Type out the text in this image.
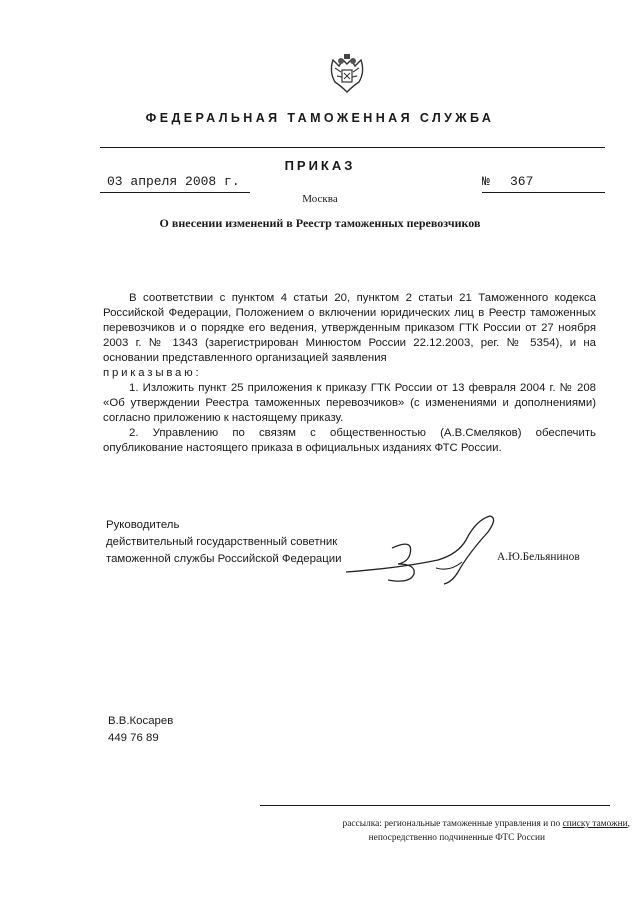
ФЕДЕРАЛЬНАЯ ТАМОЖЕННАЯ СЛУЖБА
ПРИКАЗ
03 апреля 2008 г.	№ 367
Москва
О внесении изменений в Реестр таможенных перевозчиков

В соответствии с пунктом 4 статьи 20, пунктом 2 статьи 21 Таможенного кодекса Российской Федерации, Положением о включении юридических лиц в Реестр таможенных перевозчиков и о порядке его ведения, утвержденным приказом ГТК России от 27 ноября 2003 г. № 1343 (зарегистрирован Минюстом России 22.12.2003, рег. № 5354), и на основании представленного организацией заявления

приказываю:

1. Изложить пункт 25 приложения к приказу ГТК России от 13 февраля 2004 г. № 208 «Об утверждении Реестра таможенных перевозчиков» (с изменениями и дополнениями) согласно приложению к настоящему приказу.

2. Управлению по связям с общественностью (А.В.Смеляков) обеспечить опубликование настоящего приказа в официальных изданиях ФТС России.

Руководитель
действительный государственный советник
таможенной службы Российской Федерации	А.Ю.Бельянинов
В.В.Косарев
449 76 89
рассылка: региональные таможенные управления и по списку таможни,
непосредственно подчиненные ФТС России
